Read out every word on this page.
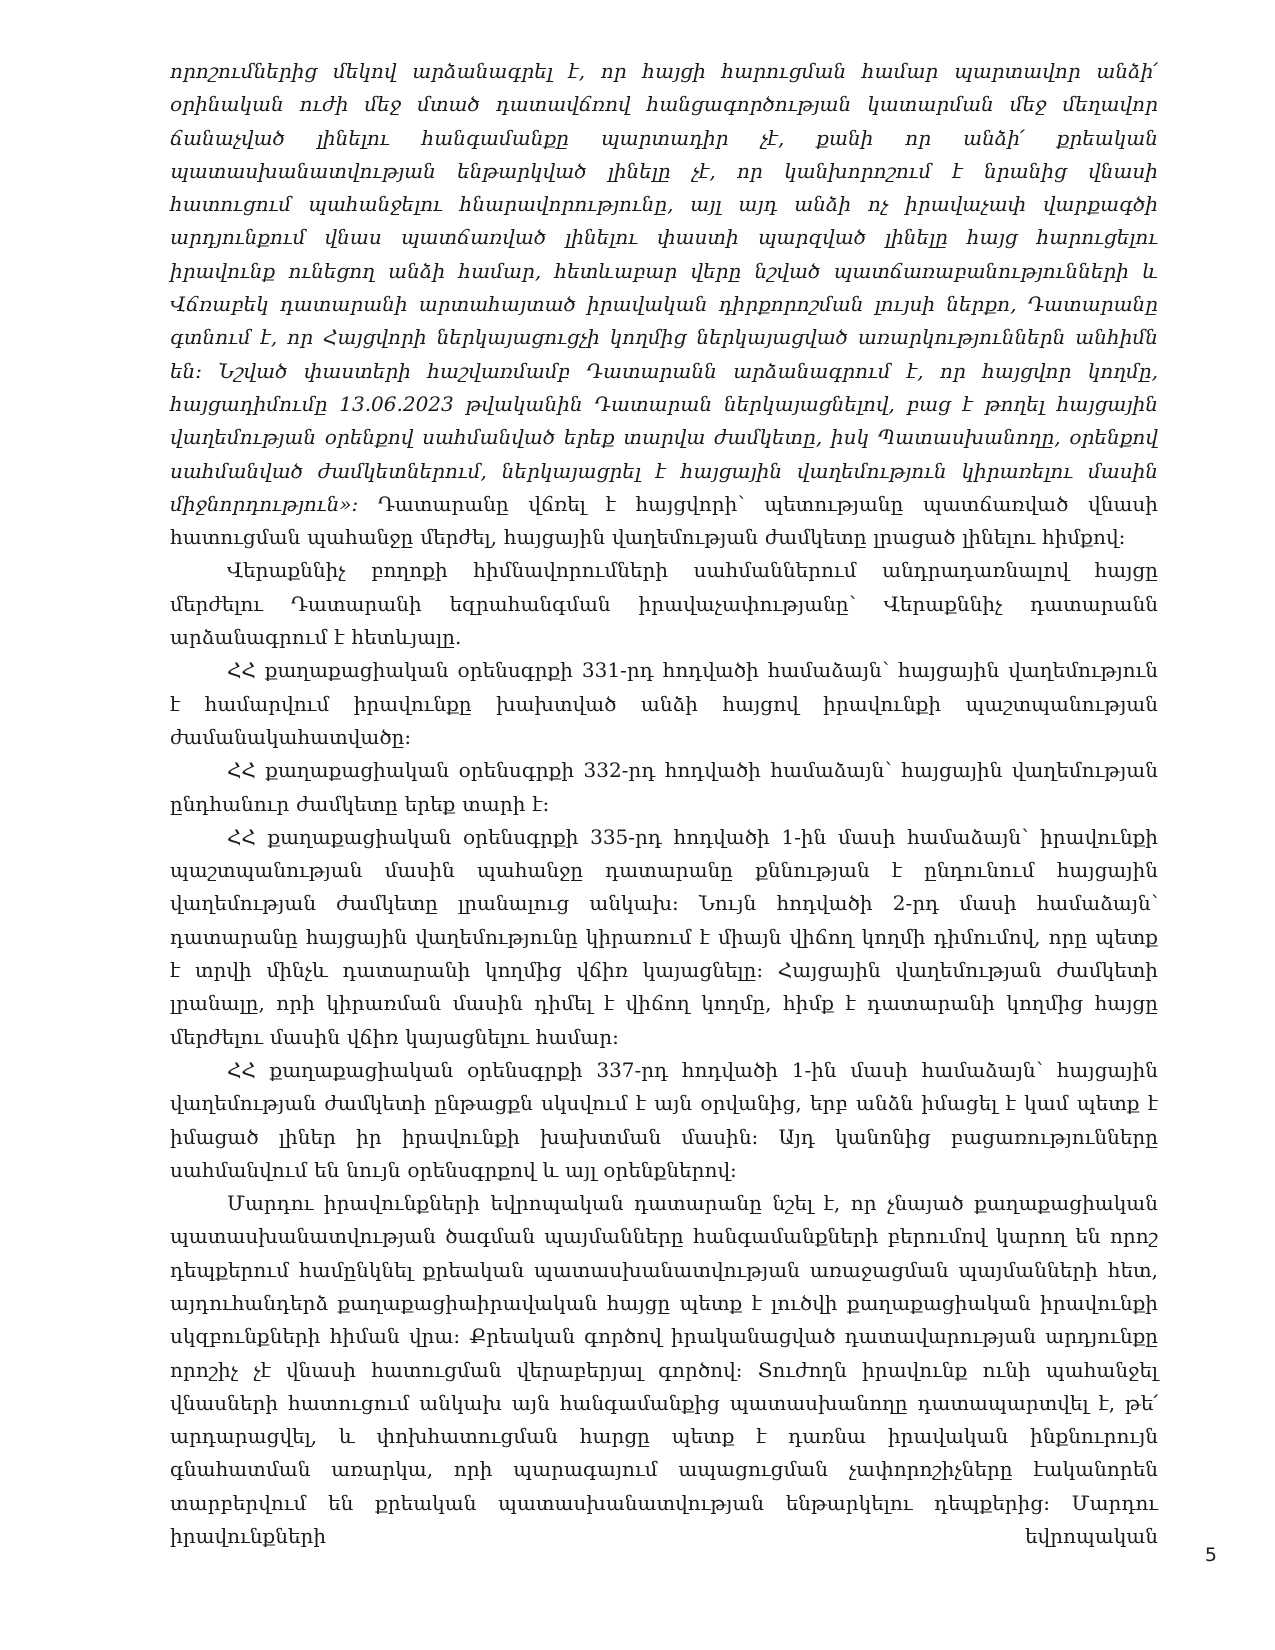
որոշումներից մեկով արձանագրել է, որ հայցի հարուցման համար պարտավոր անձի՛ օրինական ուժի մեջ մտած դատավճռով հանցագործության կատարման մեջ մեղավոր ճանաչված լինելու հանգամանքը պարտադիր չէ, քանի որ անձի՛ քրեական պատասխանատվության ենթարկված լինելը չէ, որ կանխորոշում է նրանից վնասի հատուցում պահանջելու հնարավորությունը, այլ այդ անձի ոչ իրավաչափ վարքագծի արդյունքում վնաս պատճառված լինելու փաստի պարզված լինելը հայց հարուցելու իրավունք ունեցող անձի համար, հետևաբար վերը նշված պատճառաբանությունների և Վճռաբեկ դատարանի արտահայտած իրավական դիրքորոշման լույսի ներքո, Դատարանը գտնում է, որ Հայցվորի ներկայացուցչի կողմից ներկայացված առարկություններն անհիմն են: Նշված փաստերի հաշվառմամբ Դատարանն արձանագրում է, որ հայցվոր կողմը, հայցադիմումը 13.06.2023 թվականին Դատարան ներկայացնելով, բաց է թողել հայցային վաղեմության օրենքով սահմանված երեք տարվա ժամկետը, իսկ Պատասխանողը, օրենքով սահմանված ժամկետներում, ներկայացրել է հայցային վաղեմություն կիրառելու մասին միջնորդություն»: Դատարանը վճռել է հայցվորի՝ պետությանը պատճառված վնասի հատուցման պահանջը մերժել, հայցային վաղեմության ժամկետը լրացած լինելու հիմքով:

Վերաքննիչ բողոքի հիմնավորումների սահմաններում անդրադառնալով հայցը մերժելու Դատարանի եզրահանգման իրավաչափությանը՝ Վերաքննիչ դատարանն արձանագրում է հետևյալը.

ՀՀ քաղաքացիական օրենսգրքի 331-րդ հոդվածի համաձայն՝ հայցային վաղեմություն է համարվում իրավունքը խախտված անձի հայցով իրավունքի պաշտպանության ժամանակահատվածը:

ՀՀ քաղաքացիական օրենսգրքի 332-րդ հոդվածի համաձայն՝ հայցային վաղեմության ընդհանուր ժամկետը երեք տարի է:

ՀՀ քաղաքացիական օրենսգրքի 335-րդ հոդվածի 1-ին մասի համաձայն՝ իրավունքի պաշտպանության մասին պահանջը դատարանը քննության է ընդունում հայցային վաղեմության ժամկետը լրանալուց անկախ: Նույն հոդվածի 2-րդ մասի համաձայն՝ դատարանը հայցային վաղեմությունը կիրառում է միայն վիճող կողմի դիմումով, որը պետք է տրվի մինչև դատարանի կողմից վճիռ կայացնելը: Հայցային վաղեմության ժամկետի լրանալը, որի կիրառման մասին դիմել է վիճող կողմը, հիմք է դատարանի կողմից հայցը մերժելու մասին վճիռ կայացնելու համար:

ՀՀ քաղաքացիական օրենսգրքի 337-րդ հոդվածի 1-ին մասի համաձայն՝ հայցային վաղեմության ժամկետի ընթացքն սկսվում է այն օրվանից, երբ անձն իմացել է կամ պետք է իմացած լիներ իր իրավունքի խախտման մասին: Այդ կանոնից բացառությունները սահմանվում են նույն օրենսգրքով և այլ օրենքներով:

Մարդու իրավունքների եվրոպական դատարանը նշել է, որ չնայած քաղաքացիական պատասխանատվության ծագման պայմանները հանգամանքների բերումով կարող են որոշ դեպքերում համընկնել քրեական պատասխանատվության առաջացման պայմանների հետ, այդուհանդերձ քաղաքացիաիրավական հայցը պետք է լուծվի քաղաքացիական իրավունքի սկզբունքների հիման վրա: Քրեական գործով իրականացված դատավարության արդյունքը որոշիչ չէ վնասի հատուցման վերաբերյալ գործով: Տուժողն իրավունք ունի պահանջել վնասների հատուցում անկախ այն հանգամանքից պատասխանողը դատապարտվել է, թե՛ արդարացվել, և փոխհատուցման հարցը պետք է դառնա իրավական ինքնուրույն գնահատման առարկա, որի պարագայում ապացուցման չափորոշիչները էականորեն տարբերվում են քրեական պատասխանատվության ենթարկելու դեպքերից: Մարդու իրավունքների եվրոպական

5
